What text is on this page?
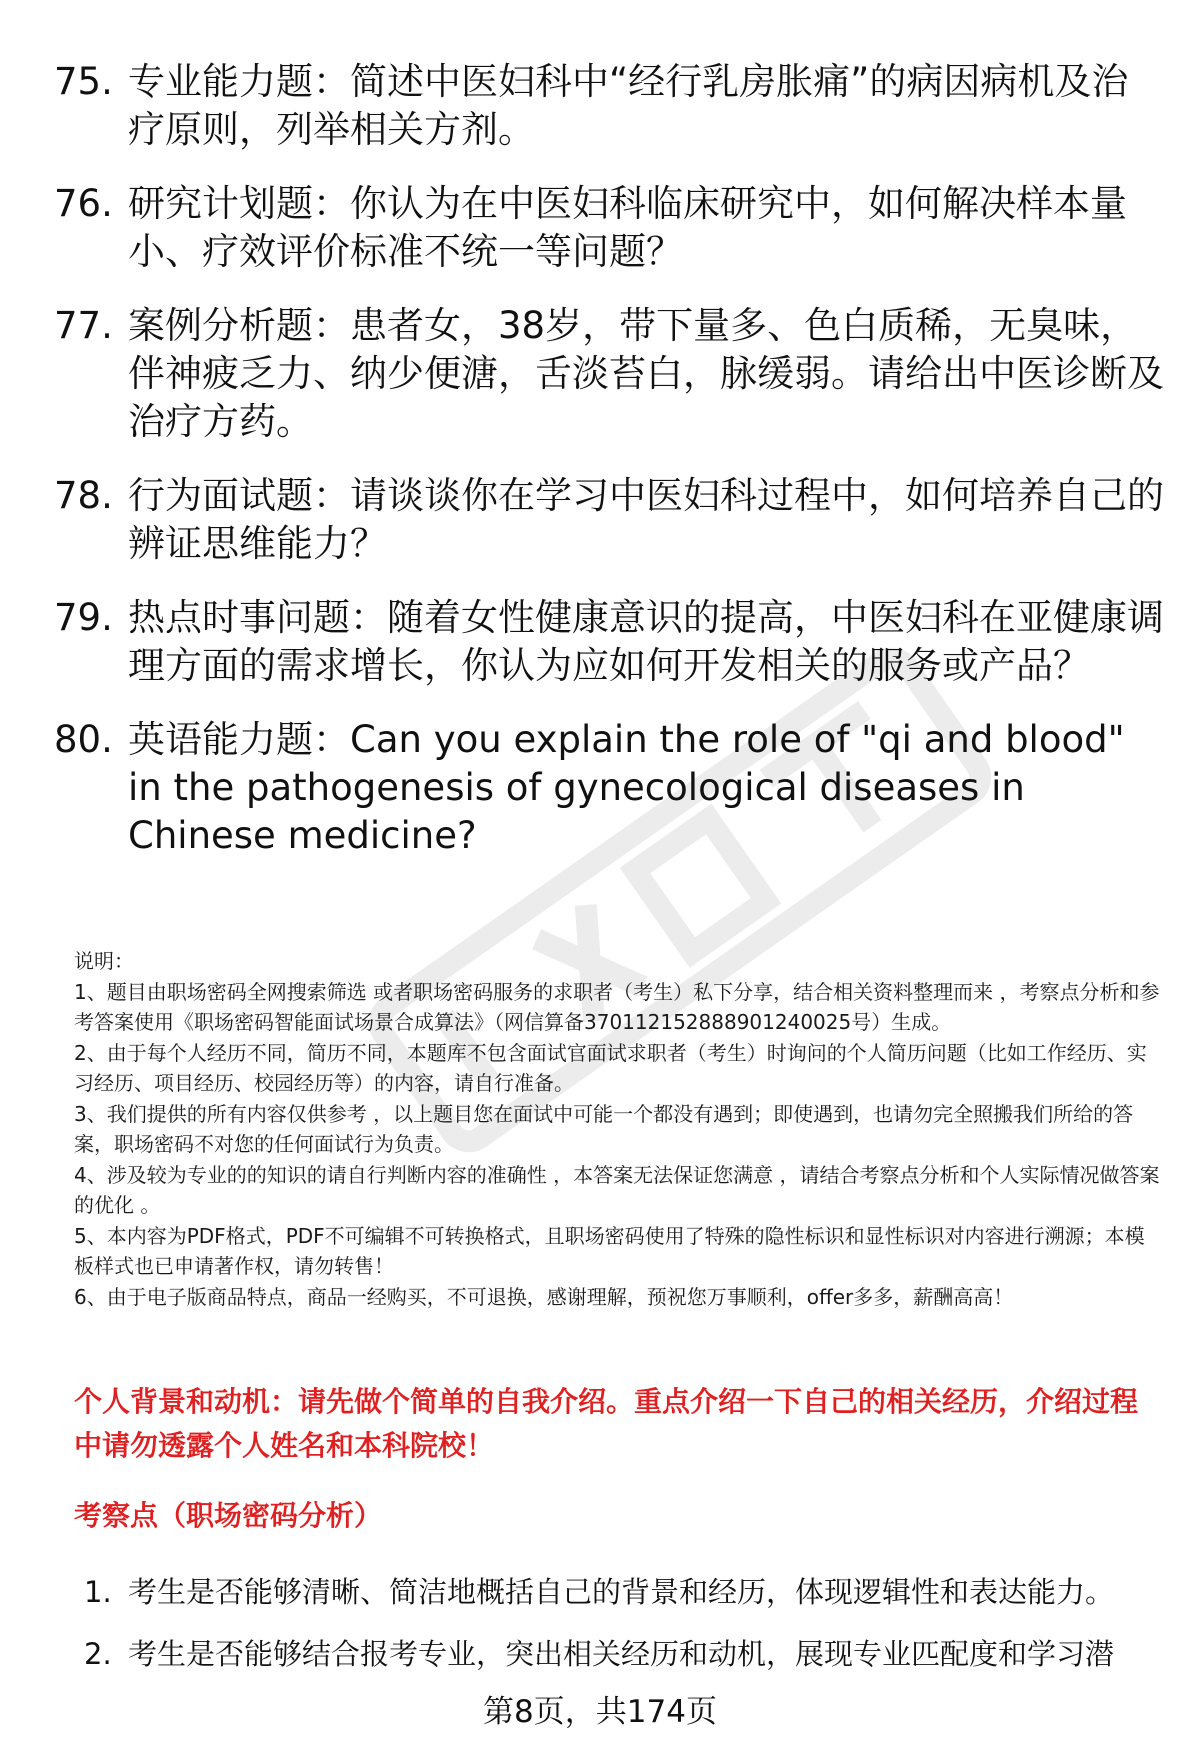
75. 专业能力题：简述中医妇科中“经行乳房胀痛”的病因病机及治疗原则，列举相关方剂。
76. 研究计划题：你认为在中医妇科临床研究中，如何解决样本量小、疗效评价标准不统一等问题？
77. 案例分析题：患者女，38岁，带下量多、色白质稀，无臭味，伴神疲乏力、纳少便溏，舌淡苔白，脉缓弱。请给出中医诊断及治疗方药。
78. 行为面试题：请谈谈你在学习中医妇科过程中，如何培养自己的辨证思维能力？
79. 热点时事问题：随着女性健康意识的提高，中医妇科在亚健康调理方面的需求增长，你认为应如何开发相关的服务或产品？
80. 英语能力题：Can you explain the role of "qi and blood" in the pathogenesis of gynecological diseases in Chinese medicine?

说明：

1、题目由职场密码全网搜索筛选 或者职场密码服务的求职者（考生）私下分享，结合相关资料整理而来 ，考察点分析和参考答案使用《职场密码智能面试场景合成算法》（网信算备370112152888901240025号）生成。

2、由于每个人经历不同，简历不同，本题库不包含面试官面试求职者（考生）时询问的个人简历问题（比如工作经历、实习经历、项目经历、校园经历等）的内容，请自行准备。

3、我们提供的所有内容仅供参考 ，以上题目您在面试中可能一个都没有遇到；即使遇到，也请勿完全照搬我们所给的答案，职场密码不对您的任何面试行为负责。

4、涉及较为专业的的知识的请自行判断内容的准确性 ，本答案无法保证您满意 ，请结合考察点分析和个人实际情况做答案的优化 。

5、本内容为PDF格式，PDF不可编辑不可转换格式，且职场密码使用了特殊的隐性标识和显性标识对内容进行溯源；本模板样式也已申请著作权，请勿转售！

6、由于电子版商品特点，商品一经购买，不可退换，感谢理解，预祝您万事顺利，offer多多，薪酬高高！

个人背景和动机：请先做个简单的自我介绍。重点介绍一下自己的相关经历，介绍过程中请勿透露个人姓名和本科院校！
考察点（职场密码分析）
1. 考生是否能够清晰、简洁地概括自己的背景和经历，体现逻辑性和表达能力。
2. 考生是否能够结合报考专业，突出相关经历和动机，展现专业匹配度和学习潜
第8页，共174页
